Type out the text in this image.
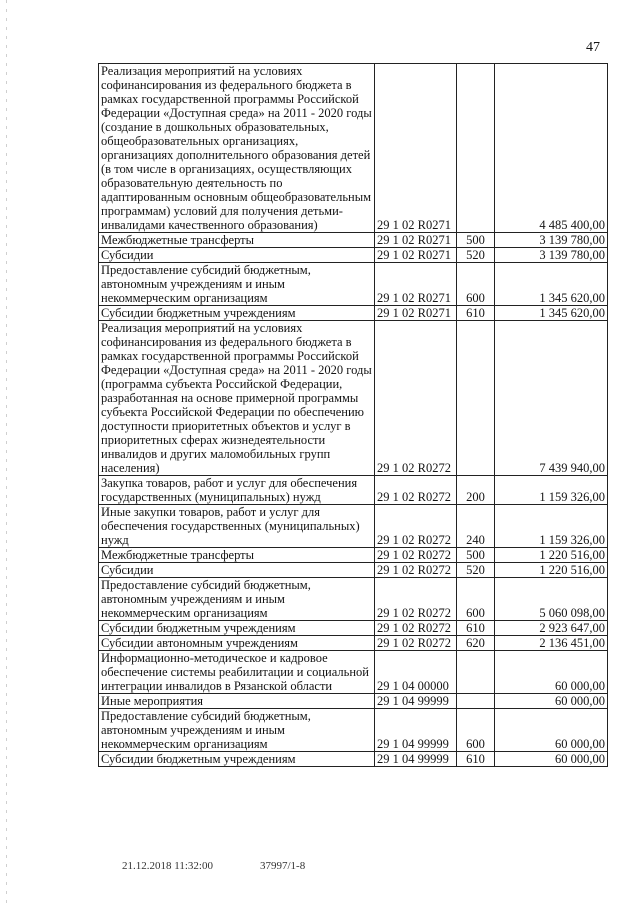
47
Реализация мероприятий на условиях софинансирования из федерального бюджета в рамках государственной программы Российской Федерации «Доступная среда» на 2011 - 2020 годы (создание в дошкольных образовательных, общеобразовательных организациях, организациях дополнительного образования детей (в том числе в организациях, осуществляющих образовательную деятельность по адаптированным основным общеобразовательным программам) условий для получения детьми-инвалидами качественного образования)	29 1 02 R0271		4 485 400,00
Межбюджетные трансферты	29 1 02 R0271	500	3 139 780,00
Субсидии	29 1 02 R0271	520	3 139 780,00
Предоставление субсидий бюджетным, автономным учреждениям и иным некоммерческим организациям	29 1 02 R0271	600	1 345 620,00
Субсидии бюджетным учреждениям	29 1 02 R0271	610	1 345 620,00
Реализация мероприятий на условиях софинансирования из федерального бюджета в рамках государственной программы Российской Федерации «Доступная среда» на 2011 - 2020 годы (программа субъекта Российской Федерации, разработанная на основе примерной программы субъекта Российской Федерации по обеспечению доступности приоритетных объектов и услуг в приоритетных сферах жизнедеятельности инвалидов и других маломобильных групп населения)	29 1 02 R0272		7 439 940,00
Закупка товаров, работ и услуг для обеспечения государственных (муниципальных) нужд	29 1 02 R0272	200	1 159 326,00
Иные закупки товаров, работ и услуг для обеспечения государственных (муниципальных) нужд	29 1 02 R0272	240	1 159 326,00
Межбюджетные трансферты	29 1 02 R0272	500	1 220 516,00
Субсидии	29 1 02 R0272	520	1 220 516,00
Предоставление субсидий бюджетным, автономным учреждениям и иным некоммерческим организациям	29 1 02 R0272	600	5 060 098,00
Субсидии бюджетным учреждениям	29 1 02 R0272	610	2 923 647,00
Субсидии автономным учреждениям	29 1 02 R0272	620	2 136 451,00
Информационно-методическое и кадровое обеспечение системы реабилитации и социальной интеграции инвалидов в Рязанской области	29 1 04 00000		60 000,00
Иные мероприятия	29 1 04 99999		60 000,00
Предоставление субсидий бюджетным, автономным учреждениям и иным некоммерческим организациям	29 1 04 99999	600	60 000,00
Субсидии бюджетным учреждениям	29 1 04 99999	610	60 000,00
21.12.2018 11:32:00	37997/1-8
